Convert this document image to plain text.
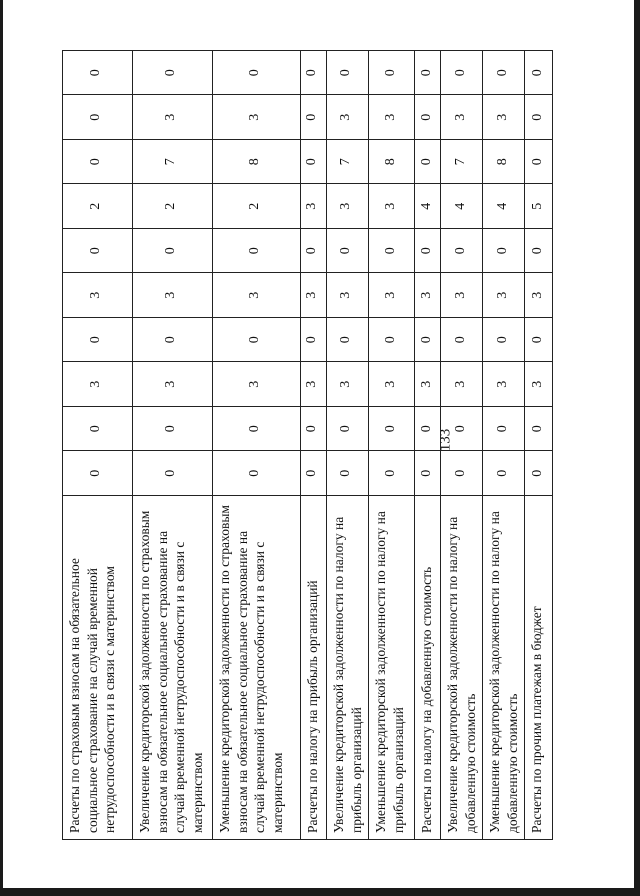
133
Расчеты по страховым взносам на обязательное социальное страхование на случай временной нетрудоспособности и в связи с материнством	0	0	3	0	3	0	2	0	0	0
Увеличение кредиторской задолженности по страховым взносам на обязательное социальное страхование на случай временной нетрудоспособности и в связи с материнством	0	0	3	0	3	0	2	7	3	0
Уменьшение кредиторской задолженности по страховым взносам на обязательное социальное страхование на случай временной нетрудоспособности и в связи с материнством	0	0	3	0	3	0	2	8	3	0
Расчеты по налогу на прибыль организаций	0	0	3	0	3	0	3	0	0	0
Увеличение кредиторской задолженности по налогу на прибыль организаций	0	0	3	0	3	0	3	7	3	0
Уменьшение кредиторской задолженности по налогу на прибыль организаций	0	0	3	0	3	0	3	8	3	0
Расчеты по налогу на добавленную стоимость	0	0	3	0	3	0	4	0	0	0
Увеличение кредиторской задолженности по налогу на добавленную стоимость	0	0	3	0	3	0	4	7	3	0
Уменьшение кредиторской задолженности по налогу на добавленную стоимость	0	0	3	0	3	0	4	8	3	0
Расчеты по прочим платежам в бюджет	0	0	3	0	3	0	5	0	0	0
